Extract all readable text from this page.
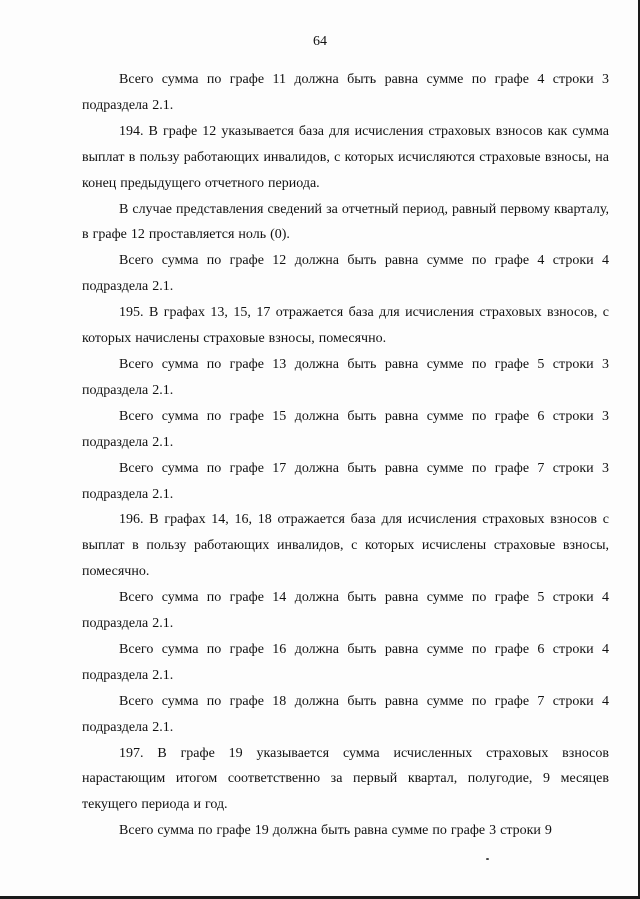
64

Всего сумма по графе 11 должна быть равна сумме по графе 4 строки 3 подраздела 2.1.

194. В графе 12 указывается база для исчисления страховых взносов как сумма выплат в пользу работающих инвалидов, с которых исчисляются страховые взносы, на конец предыдущего отчетного периода.

В случае представления сведений за отчетный период, равный первому кварталу, в графе 12 проставляется ноль (0).

Всего сумма по графе 12 должна быть равна сумме по графе 4 строки 4 подраздела 2.1.

195. В графах 13, 15, 17 отражается база для исчисления страховых взносов, с которых начислены страховые взносы, помесячно.

Всего сумма по графе 13 должна быть равна сумме по графе 5 строки 3 подраздела 2.1.

Всего сумма по графе 15 должна быть равна сумме по графе 6 строки 3 подраздела 2.1.

Всего сумма по графе 17 должна быть равна сумме по графе 7 строки 3 подраздела 2.1.

196. В графах 14, 16, 18 отражается база для исчисления страховых взносов с выплат в пользу работающих инвалидов, с которых исчислены страховые взносы, помесячно.

Всего сумма по графе 14 должна быть равна сумме по графе 5 строки 4 подраздела 2.1.

Всего сумма по графе 16 должна быть равна сумме по графе 6 строки 4 подраздела 2.1.

Всего сумма по графе 18 должна быть равна сумме по графе 7 строки 4 подраздела 2.1.

197. В графе 19 указывается сумма исчисленных страховых взносов нарастающим итогом соответственно за первый квартал, полугодие, 9 месяцев текущего периода и год.

Всего сумма по графе 19 должна быть равна сумме по графе 3 строки 9
